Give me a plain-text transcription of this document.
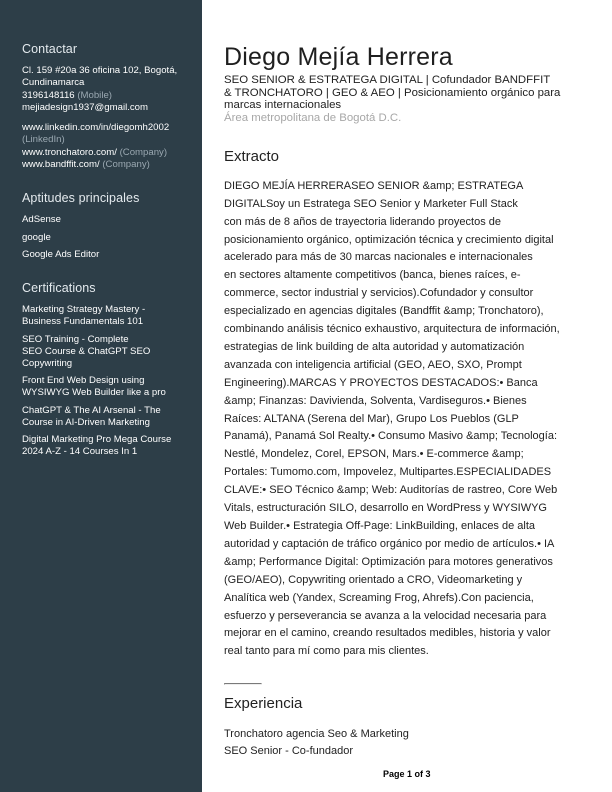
Contactar
Cl. 159 #20a 36 oficina 102, Bogotá,
Cundinamarca
3196148116 (Mobile)
mejiadesign1937@gmail.com
www.linkedin.com/in/diegomh2002
(LinkedIn)
www.tronchatoro.com/ (Company)
www.bandffit.com/ (Company)
Aptitudes principales
AdSense
google
Google Ads Editor
Certifications
Marketing Strategy Mastery -
Business Fundamentals 101
SEO Training - Complete
SEO Course & ChatGPT SEO
Copywriting
Front End Web Design using
WYSIWYG Web Builder like a pro
ChatGPT & The AI Arsenal - The
Course in AI-Driven Marketing
Digital Marketing Pro Mega Course
2024 A-Z - 14 Courses In 1
Diego Mejía Herrera
SEO SENIOR & ESTRATEGA DIGITAL | Cofundador BANDFFIT
& TRONCHATORO | GEO & AEO | Posicionamiento orgánico para
marcas internacionales
Área metropolitana de Bogotá D.C.
Extracto
DIEGO MEJÍA HERRERASEO SENIOR &amp; ESTRATEGA
DIGITALSoy un Estratega SEO Senior y Marketer Full Stack
con más de 8 años de trayectoria liderando proyectos de
posicionamiento orgánico, optimización técnica y crecimiento digital
acelerado para más de 30 marcas nacionales e internacionales
en sectores altamente competitivos (banca, bienes raíces, e-
commerce, sector industrial y servicios).Cofundador y consultor
especializado en agencias digitales (Bandffit &amp; Tronchatoro),
combinando análisis técnico exhaustivo, arquitectura de información,
estrategias de link building de alta autoridad y automatización
avanzada con inteligencia artificial (GEO, AEO, SXO, Prompt
Engineering).MARCAS Y PROYECTOS DESTACADOS:• Banca
&amp; Finanzas: Davivienda, Solventa, Vardiseguros.• Bienes
Raíces: ALTANA (Serena del Mar), Grupo Los Pueblos (GLP
Panamá), Panamá Sol Realty.• Consumo Masivo &amp; Tecnología:
Nestlé, Mondelez, Corel, EPSON, Mars.• E-commerce &amp;
Portales: Tumomo.com, Impovelez, Multipartes.ESPECIALIDADES
CLAVE:• SEO Técnico &amp; Web: Auditorías de rastreo, Core Web
Vitals, estructuración SILO, desarrollo en WordPress y WYSIWYG
Web Builder.• Estrategia Off-Page: LinkBuilding, enlaces de alta
autoridad y captación de tráfico orgánico por medio de artículos.• IA
&amp; Performance Digital: Optimización para motores generativos
(GEO/AEO), Copywriting orientado a CRO, Videomarketing y
Analítica web (Yandex, Screaming Frog, Ahrefs).Con paciencia,
esfuerzo y perseverancia se avanza a la velocidad necesaria para
mejorar en el camino, creando resultados medibles, historia y valor
real tanto para mí como para mis clientes.
Experiencia
Tronchatoro agencia Seo & Marketing
SEO Senior - Co-fundador
Page 1 of 3
